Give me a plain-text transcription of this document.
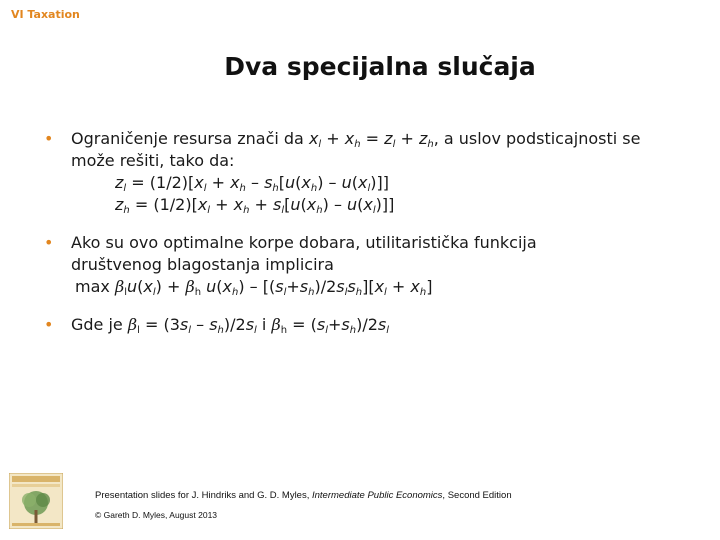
VI Taxation
Dva specijalna slučaja
• Ograničenje resursa znači da $x_l + x_h = z_l + z_h$, a uslov podsticajnosti se
može rešiti, tako da:
$z_l = (1/2)[x_l + x_h - s_h[u(x_h) - u(x_l)]]$
$z_h = (1/2)[x_l + x_h + s_l[u(x_h) - u(x_l)]]$
• Ako su ovo optimalne korpe dobara, utilitaristička funkcija
društvenog blagostanja implicira
$\max \beta_lu(x_l) + \beta_h$ $u(x_h) - [(s_l+s_h)/2s_ls_h][x_l + x_h]$
• Gde je $\beta_l = (3s_l - s_h)/2s_l$ i $\beta_h = (s_l+s_h)/2s_l$
Presentation slides for J. Hindriks and G. D. Myles, Intermediate Public Economics, Second Edition
© Gareth D. Myles, August 2013
